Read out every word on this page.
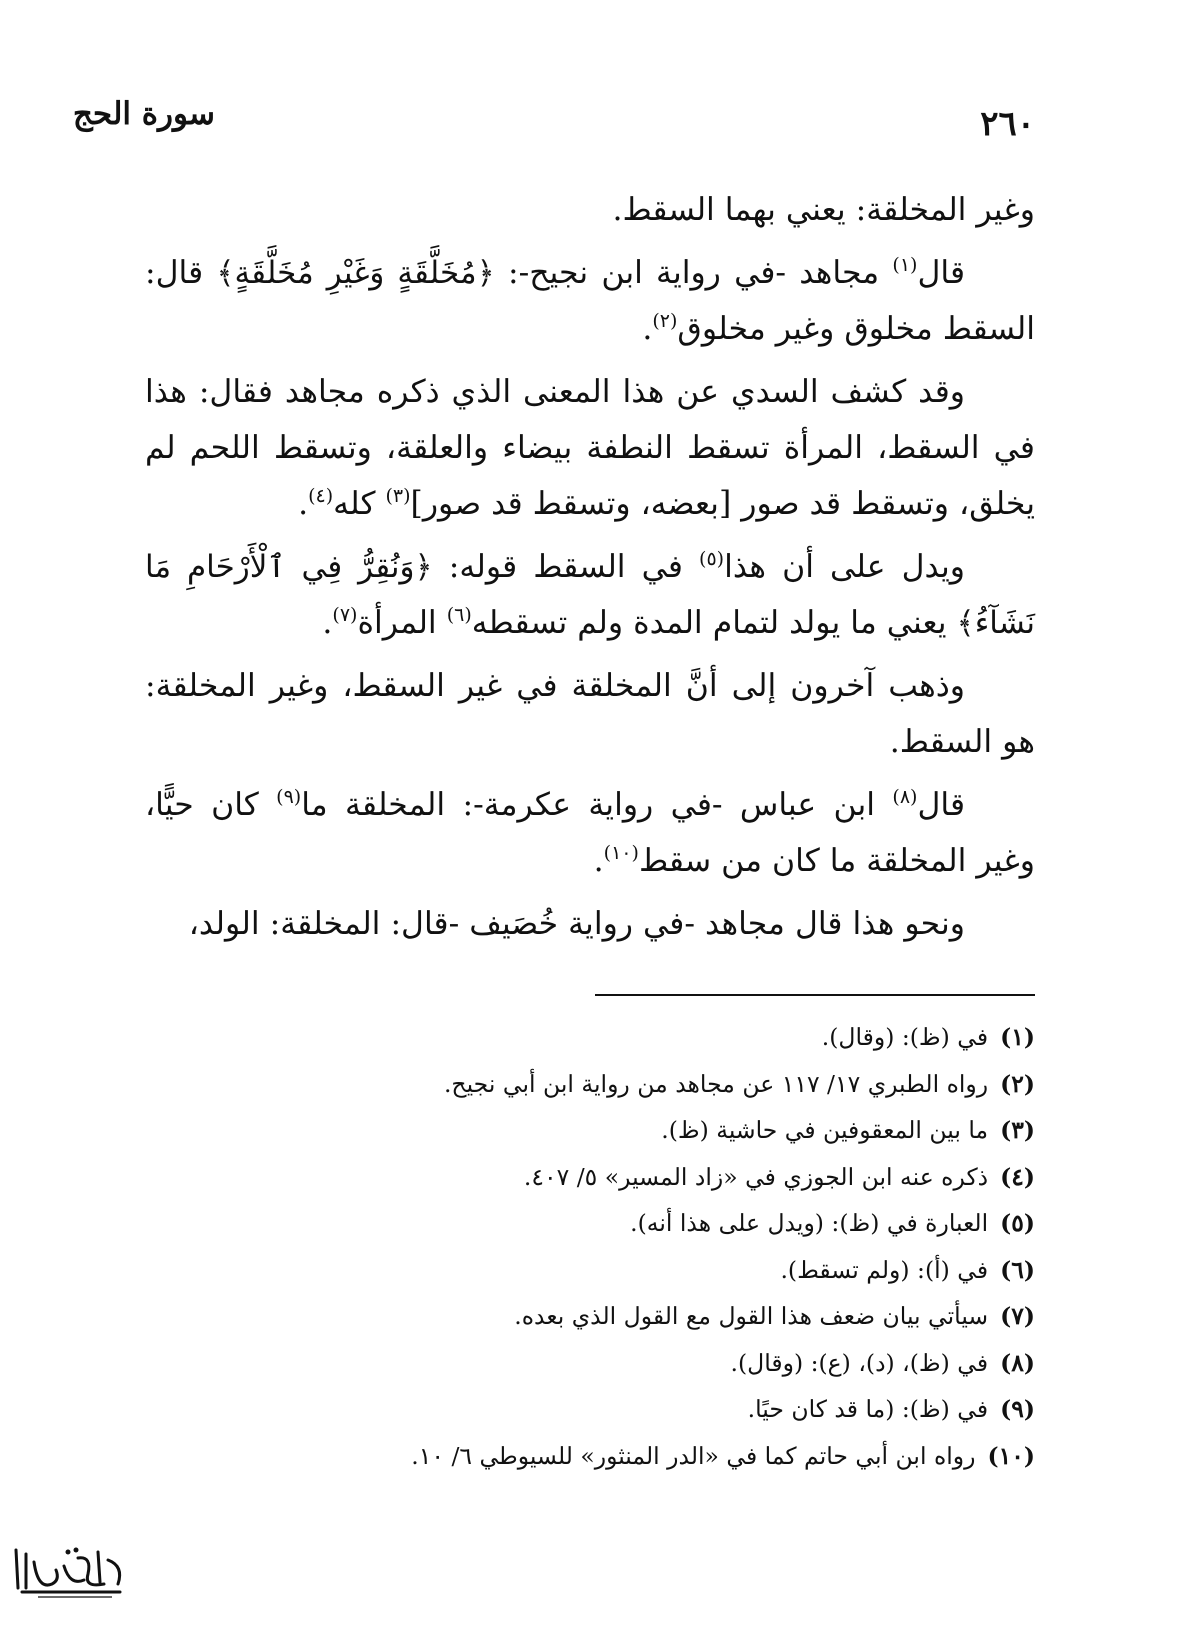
٢٦٠
سورة الحج

وغير المخلقة: يعني بهما السقط.

قال$^{(١)}$ مجاهد -في رواية ابن نجيح-: ﴿مُخَلَّقَةٍ وَغَيْرِ مُخَلَّقَةٍ﴾ قال: السقط مخلوق وغير مخلوق$^{(٢)}$.

وقد كشف السدي عن هذا المعنى الذي ذكره مجاهد فقال: هذا في السقط، المرأة تسقط النطفة بيضاء والعلقة، وتسقط اللحم لم يخلق، وتسقط قد صور [بعضه، وتسقط قد صور]$^{(٣)}$ كله$^{(٤)}$.

ويدل على أن هذا$^{(٥)}$ في السقط قوله: ﴿وَنُقِرُّ فِي ٱلْأَرْحَامِ مَا نَشَآءُ﴾ يعني ما يولد لتمام المدة ولم تسقطه$^{(٦)}$ المرأة$^{(٧)}$.

وذهب آخرون إلى أنَّ المخلقة في غير السقط، وغير المخلقة: هو السقط.

قال$^{(٨)}$ ابن عباس -في رواية عكرمة-: المخلقة ما$^{(٩)}$ كان حيًّا، وغير المخلقة ما كان من سقط$^{(١٠)}$.

ونحو هذا قال مجاهد -في رواية خُصَيف -قال: المخلقة: الولد،

(١)في (ظ): (وقال).
(٢)رواه الطبري ١٧/ ١١٧ عن مجاهد من رواية ابن أبي نجيح.
(٣)ما بين المعقوفين في حاشية (ظ).
(٤)ذكره عنه ابن الجوزي في «زاد المسير» ٥/ ٤٠٧.
(٥)العبارة في (ظ): (ويدل على هذا أنه).
(٦)في (أ): (ولم تسقط).
(٧)سيأتي بيان ضعف هذا القول مع القول الذي بعده.
(٨)في (ظ)، (د)، (ع): (وقال).
(٩)في (ظ): (ما قد كان حيًا.
(١٠)رواه ابن أبي حاتم كما في «الدر المنثور» للسيوطي ٦/ ١٠.
